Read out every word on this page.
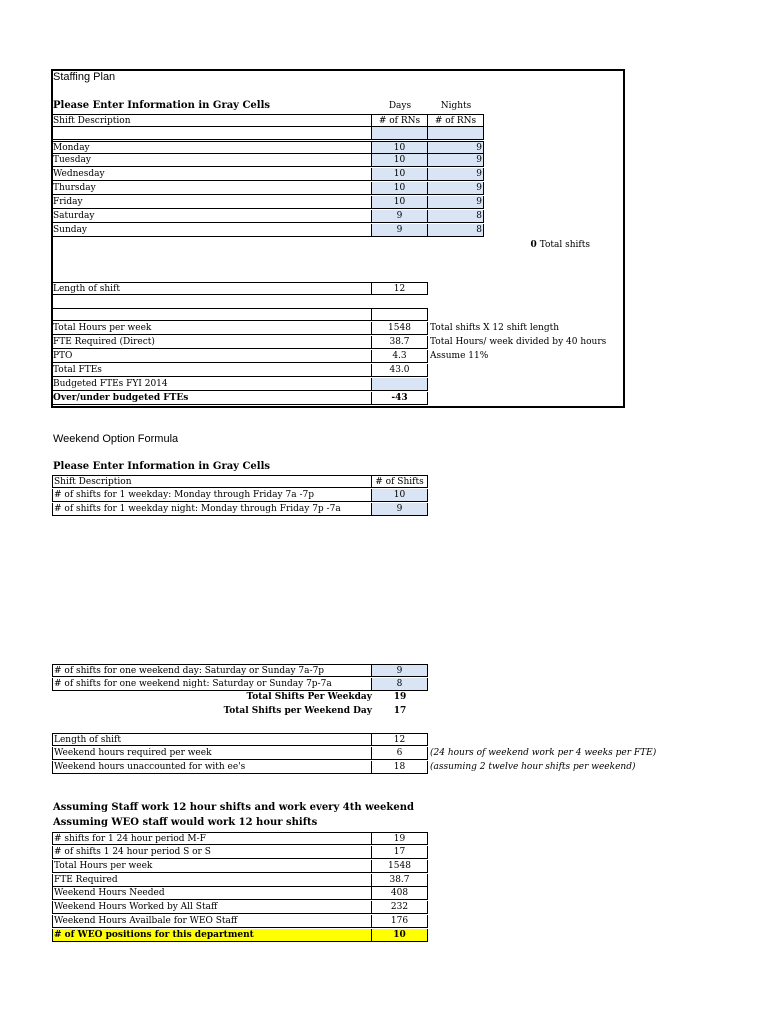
Staffing Plan
Please Enter Information in Gray Cells	Days	Nights
Shift Description	# of RNs	# of RNs
Monday	10	9
Tuesday	10	9
Wednesday	10	9
Thursday	10	9
Friday	10	9
Saturday	9	8
Sunday	9	8
0 Total shifts
Length of shift	12
Total Hours per week	1548	Total shifts X 12 shift length
FTE Required (Direct)	38.7	Total Hours/ week divided by 40 hours
PTO	4.3	Assume 11%
Total FTEs	43.0
Budgeted FTEs FYI 2014
Over/under budgeted FTEs	-43
Weekend Option Formula
Please Enter Information in Gray Cells
Shift Description	# of Shifts
# of shifts for 1 weekday: Monday through Friday 7a -7p	10
# of shifts for 1 weekday night: Monday through Friday 7p -7a	9
# of shifts for one weekend day: Saturday or Sunday 7a-7p	9
# of shifts for one weekend night: Saturday or Sunday 7p-7a	8
Total Shifts Per Weekday	19
Total Shifts per Weekend Day	17
Length of shift	12
Weekend hours required per week	6	(24 hours of weekend work per 4 weeks per FTE)
Weekend hours unaccounted for with ee's	18	(assuming 2 twelve hour shifts per weekend)
Assuming Staff work 12 hour shifts and work every 4th weekend
Assuming WEO staff would work 12 hour shifts
# shifts for 1 24 hour period M-F	19
# of shifts 1 24 hour period S or S	17
Total Hours per week	1548
FTE Required	38.7
Weekend Hours Needed	408
Weekend Hours Worked by All Staff	232
Weekend Hours Availbale for WEO Staff	176
# of WEO positions for this department	10
